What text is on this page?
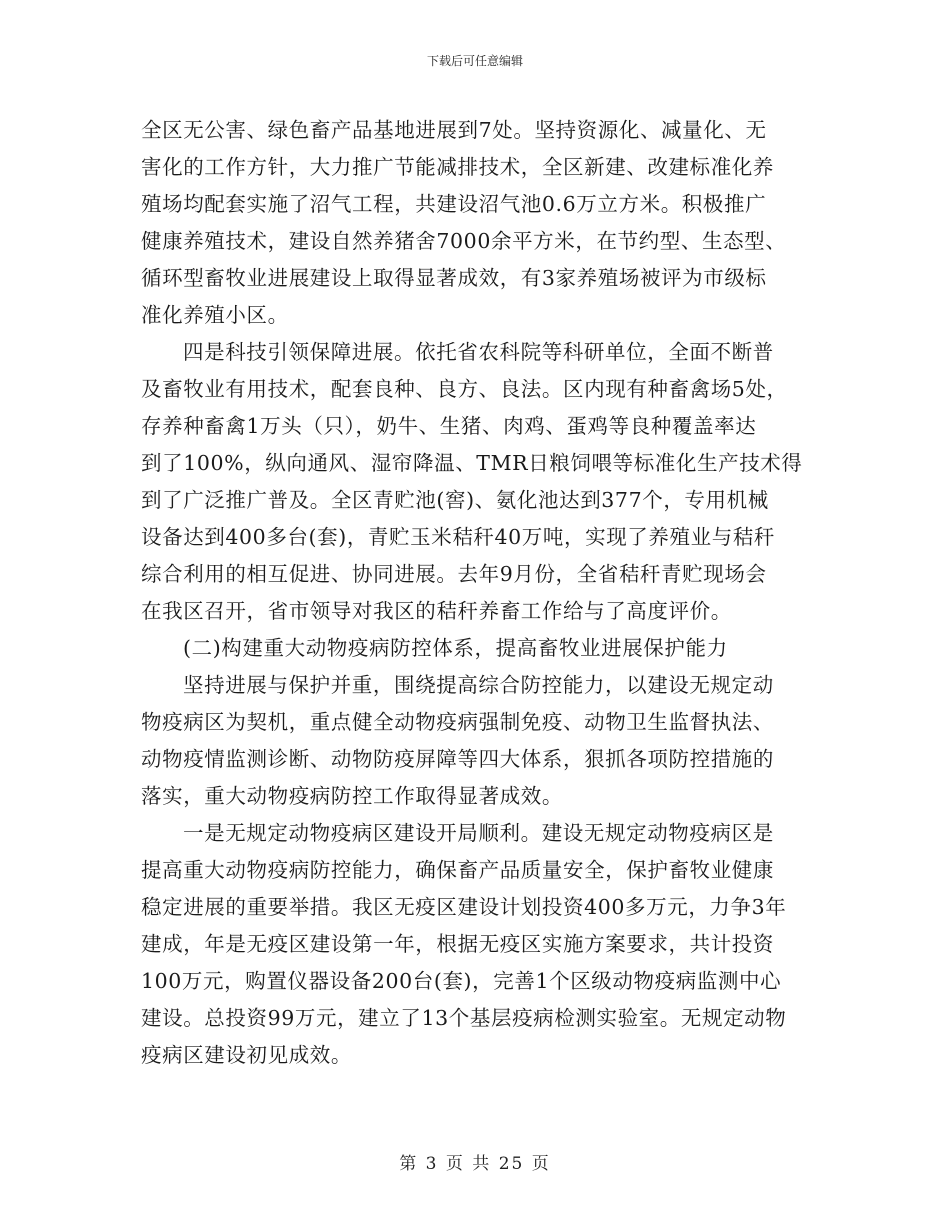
下载后可任意编辑

全区无公害、绿色畜产品基地进展到7处。坚持资源化、减量化、无
害化的工作方针，大力推广节能减排技术，全区新建、改建标准化养
殖场均配套实施了沼气工程，共建设沼气池0.6万立方米。积极推广
健康养殖技术，建设自然养猪舍7000余平方米，在节约型、生态型、
循环型畜牧业进展建设上取得显著成效，有3家养殖场被评为市级标
准化养殖小区。

四是科技引领保障进展。依托省农科院等科研单位，全面不断普
及畜牧业有用技术，配套良种、良方、良法。区内现有种畜禽场5处，
存养种畜禽1万头（只），奶牛、生猪、肉鸡、蛋鸡等良种覆盖率达
到了100%，纵向通风、湿帘降温、TMR日粮饲喂等标准化生产技术得
到了广泛推广普及。全区青贮池(窖)、氨化池达到377个，专用机械
设备达到400多台(套)，青贮玉米秸秆40万吨，实现了养殖业与秸秆
综合利用的相互促进、协同进展。去年9月份，全省秸秆青贮现场会
在我区召开，省市领导对我区的秸秆养畜工作给与了高度评价。

(二)构建重大动物疫病防控体系，提高畜牧业进展保护能力

坚持进展与保护并重，围绕提高综合防控能力，以建设无规定动
物疫病区为契机，重点健全动物疫病强制免疫、动物卫生监督执法、
动物疫情监测诊断、动物防疫屏障等四大体系，狠抓各项防控措施的
落实，重大动物疫病防控工作取得显著成效。

一是无规定动物疫病区建设开局顺利。建设无规定动物疫病区是
提高重大动物疫病防控能力，确保畜产品质量安全，保护畜牧业健康
稳定进展的重要举措。我区无疫区建设计划投资400多万元，力争3年
建成，年是无疫区建设第一年，根据无疫区实施方案要求，共计投资
100万元，购置仪器设备200台(套)，完善1个区级动物疫病监测中心
建设。总投资99万元，建立了13个基层疫病检测实验室。无规定动物
疫病区建设初见成效。

第 3 页 共 25 页
